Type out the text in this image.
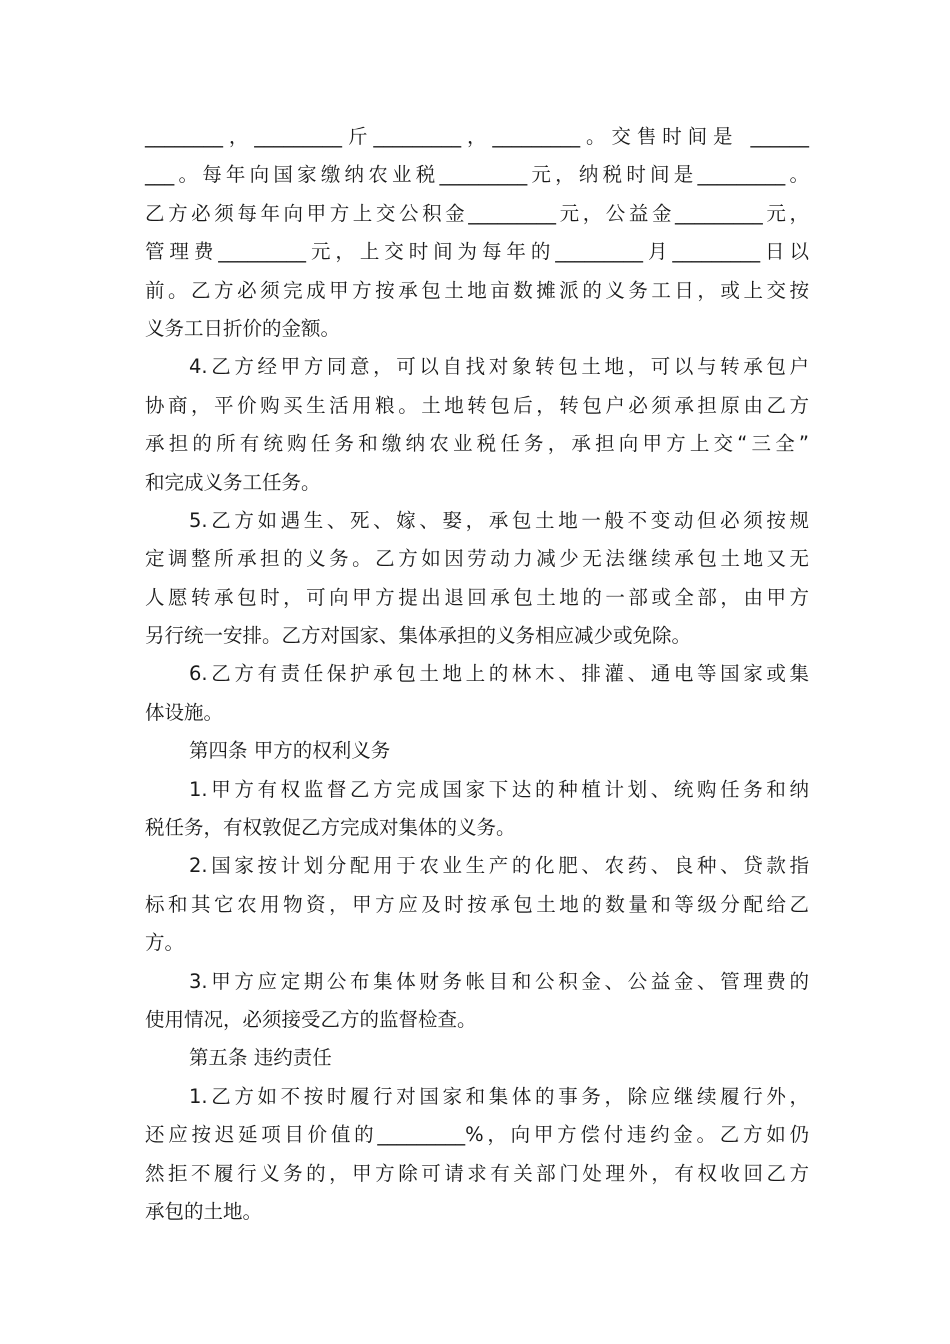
________，_________斤_________，_________。交售时间是 ______
___。每年向国家缴纳农业税_________元，纳税时间是_________。
乙方必须每年向甲方上交公积金_________元，公益金_________元，
管理费_________元，上交时间为每年的_________月_________日以
前。乙方必须完成甲方按承包土地亩数摊派的义务工日，或上交按
义务工日折价的金额。
4.乙方经甲方同意，可以自找对象转包土地，可以与转承包户
协商，平价购买生活用粮。土地转包后，转包户必须承担原由乙方
承担的所有统购任务和缴纳农业税任务，承担向甲方上交“三全”
和完成义务工任务。
5.乙方如遇生、死、嫁、娶，承包土地一般不变动但必须按规
定调整所承担的义务。乙方如因劳动力减少无法继续承包土地又无
人愿转承包时，可向甲方提出退回承包土地的一部或全部，由甲方
另行统一安排。乙方对国家、集体承担的义务相应减少或免除。
6.乙方有责任保护承包土地上的林木、排灌、通电等国家或集
体设施。
第四条 甲方的权利义务
1.甲方有权监督乙方完成国家下达的种植计划、统购任务和纳
税任务，有权敦促乙方完成对集体的义务。
2.国家按计划分配用于农业生产的化肥、农药、良种、贷款指
标和其它农用物资，甲方应及时按承包土地的数量和等级分配给乙
方。
3.甲方应定期公布集体财务帐目和公积金、公益金、管理费的
使用情况，必须接受乙方的监督检查。
第五条 违约责任
1.乙方如不按时履行对国家和集体的事务，除应继续履行外，
还应按迟延项目价值的_________%，向甲方偿付违约金。乙方如仍
然拒不履行义务的，甲方除可请求有关部门处理外，有权收回乙方
承包的土地。
